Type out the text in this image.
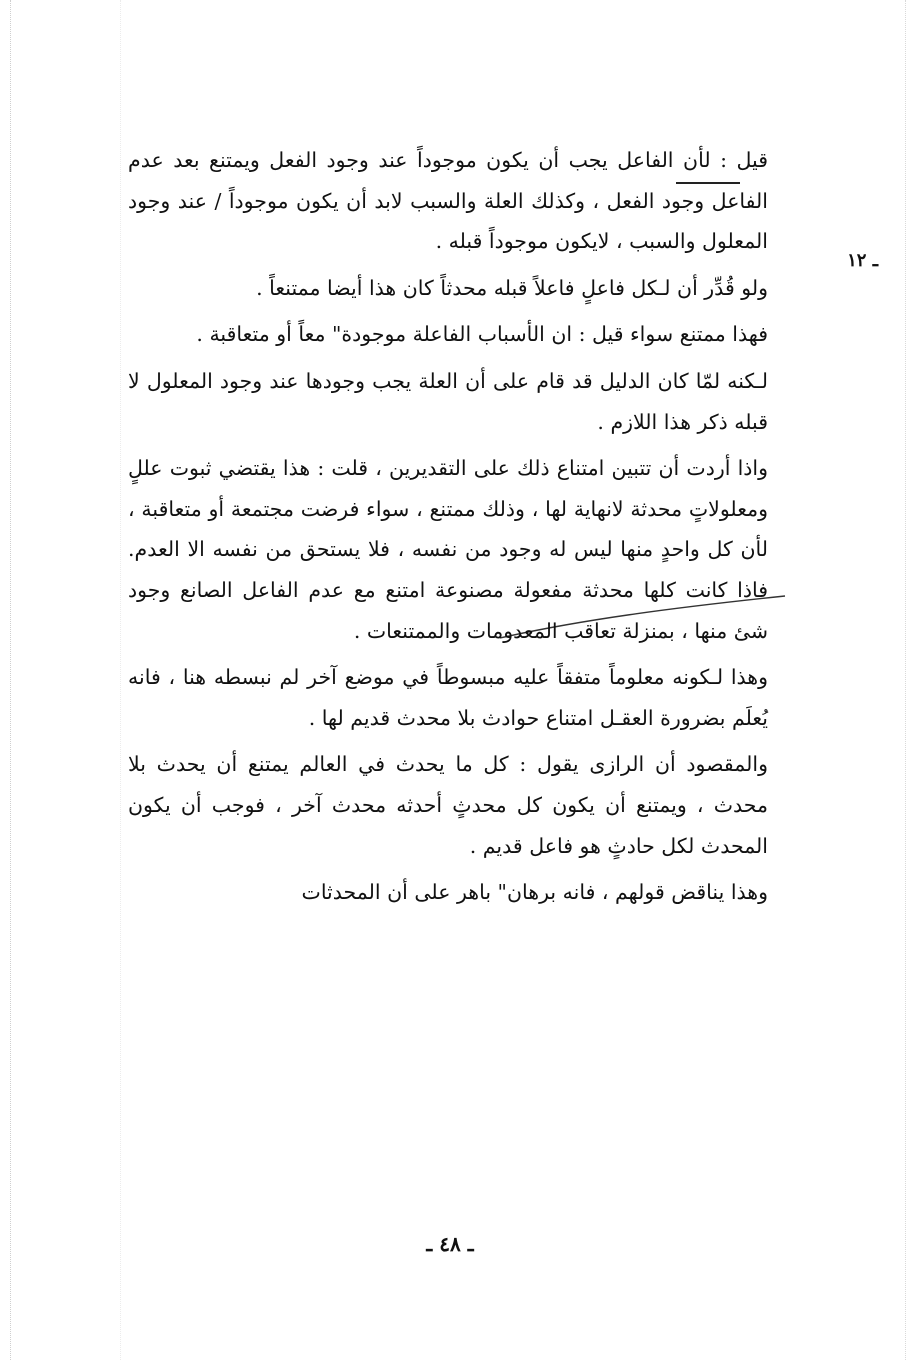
ـ ١٢

قيل : لأن الفاعل يجب أن يكون موجوداً عند وجود الفعل ويمتنع بعد عدم الفاعل وجود الفعل ، وكذلك العلة والسبب لابد أن يكون موجوداً / عند وجود المعلول والسبب ، لايكون موجوداً قبله .

ولو قُدِّر أن لـكل فاعلٍ فاعلاً قبله محدثاً كان هذا أيضا ممتنعاً .

فهذا ممتنع سواء قيل : ان الأسباب الفاعلة موجودة" معاً أو متعاقبة .

لـكنه لمّا كان الدليل قد قام على أن العلة يجب وجودها عند وجود المعلول لا قبله ذكر هذا اللازم .

واذا أردت أن تتبين امتناع ذلك على التقديرين ، قلت : هذا يقتضي ثبوت عللٍ ومعلولاتٍ محدثة لانهاية لها ، وذلك ممتنع ، سواء فرضت مجتمعة أو متعاقبة ، لأن كل واحدٍ منها ليس له وجود من نفسه ، فلا يستحق من نفسه الا العدم. فاذا كانت كلها محدثة مفعولة مصنوعة امتنع مع عدم الفاعل الصانع وجود شئ منها ، بمنزلة تعاقب المعدومات والممتنعات .

وهذا لـكونه معلوماً متفقاً عليه مبسوطاً في موضع آخر لم نبسطه هنا ، فانه يُعلَم بضرورة العقـل امتناع حوادث بلا محدث قديم لها .

والمقصود أن الرازى يقول : كل ما يحدث في العالم يمتنع أن يحدث بلا محدث ، ويمتنع أن يكون كل محدثٍ أحدثه محدث آخر ، فوجب أن يكون المحدث لكل حادثٍ هو فاعل قديم .

وهذا يناقض قولهم ، فانه برهان" باهر على أن المحدثات

ـ ٤٨ ـ
